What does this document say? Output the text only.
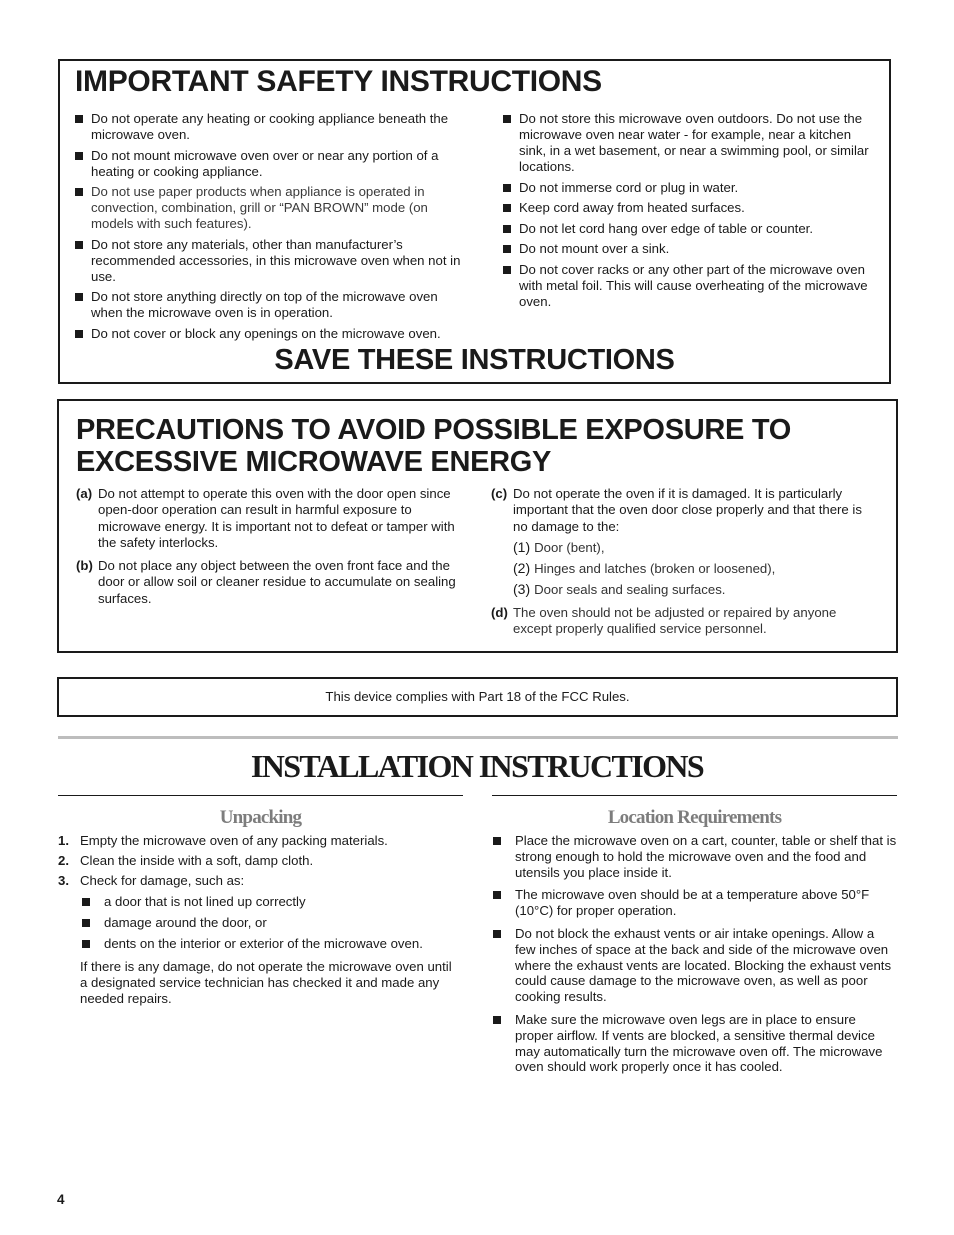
IMPORTANT SAFETY INSTRUCTIONS
Do not operate any heating or cooking appliance beneath the microwave oven.
Do not mount microwave oven over or near any portion of a heating or cooking appliance.
Do not use paper products when appliance is operated in convection, combination, grill or “PAN BROWN” mode (on models with such features).
Do not store any materials, other than manufacturer’s recommended accessories, in this microwave oven when not in use.
Do not store anything directly on top of the microwave oven when the microwave oven is in operation.
Do not cover or block any openings on the microwave oven.
Do not store this microwave oven outdoors. Do not use the microwave oven near water - for example, near a kitchen sink, in a wet basement, or near a swimming pool, or similar locations.
Do not immerse cord or plug in water.
Keep cord away from heated surfaces.
Do not let cord hang over edge of table or counter.
Do not mount over a sink.
Do not cover racks or any other part of the microwave oven with metal foil. This will cause overheating of the microwave oven.
SAVE THESE INSTRUCTIONS
PRECAUTIONS TO AVOID POSSIBLE EXPOSURE TO
EXCESSIVE MICROWAVE ENERGY
(a) Do not attempt to operate this oven with the door open since open-door operation can result in harmful exposure to microwave energy. It is important not to defeat or tamper with the safety interlocks.
(b) Do not place any object between the oven front face and the door or allow soil or cleaner residue to accumulate on sealing surfaces.
(c) Do not operate the oven if it is damaged. It is particularly important that the oven door close properly and that there is no damage to the:
(1) Door (bent),
(2) Hinges and latches (broken or loosened),
(3) Door seals and sealing surfaces.
(d) The oven should not be adjusted or repaired by anyone except properly qualified service personnel.

This device complies with Part 18 of the FCC Rules.

INSTALLATION INSTRUCTIONS
Unpacking
1. Empty the microwave oven of any packing materials.
2. Clean the inside with a soft, damp cloth.
3. Check for damage, such as:
a door that is not lined up correctly
damage around the door, or
dents on the interior or exterior of the microwave oven.

If there is any damage, do not operate the microwave oven until a designated service technician has checked it and made any needed repairs.

Location Requirements
Place the microwave oven on a cart, counter, table or shelf that is strong enough to hold the microwave oven and the food and utensils you place inside it.
The microwave oven should be at a temperature above 50°F (10°C) for proper operation.
Do not block the exhaust vents or air intake openings. Allow a few inches of space at the back and side of the microwave oven where the exhaust vents are located. Blocking the exhaust vents could cause damage to the microwave oven, as well as poor cooking results.
Make sure the microwave oven legs are in place to ensure proper airflow. If vents are blocked, a sensitive thermal device may automatically turn the microwave oven off. The microwave oven should work properly once it has cooled.
4
